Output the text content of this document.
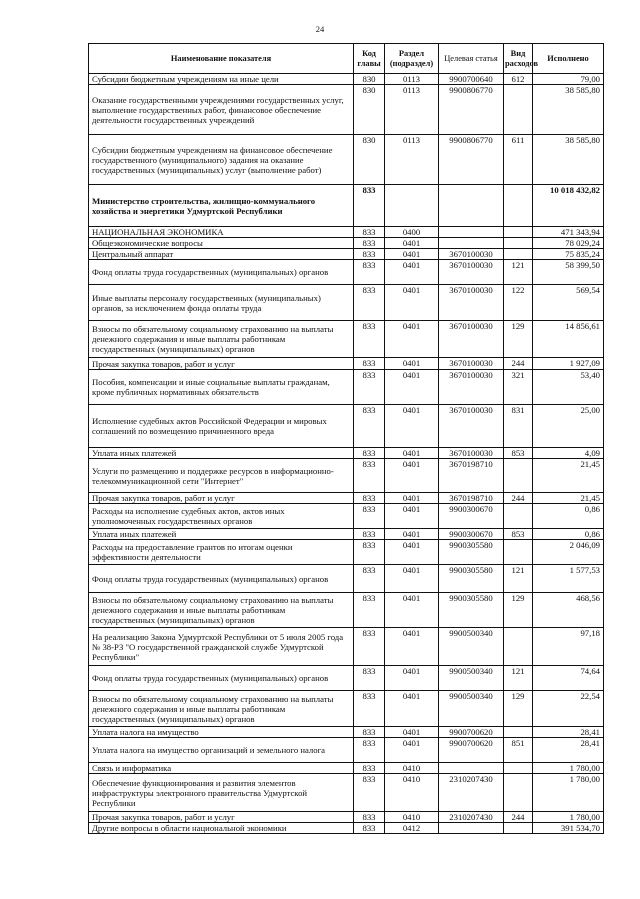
24
Наименование показателя	Код главы	Раздел (подраздел)	Целевая статья	Вид расходов	Исполнено
Субсидии бюджетным учреждениям на иные цели	830	0113	9900700640	612	79,00
Оказание государственными учреждениями государственных услуг, выполнение государственных работ, финансовое обеспечение деятельности государственных учреждений	830	0113	9900806770		38 585,80
Субсидии бюджетным учреждениям на финансовое обеспечение государственного (муниципального) задания на оказание государственных (муниципальных) услуг (выполнение работ)	830	0113	9900806770	611	38 585,80
Министерство строительства, жилищно-коммунального хозяйства и энергетики Удмуртской Республики	833				10 018 432,82
НАЦИОНАЛЬНАЯ ЭКОНОМИКА	833	0400			471 343,94
Общеэкономические вопросы	833	0401			78 029,24
Центральный аппарат	833	0401	3670100030		75 835,24
Фонд оплаты труда государственных (муниципальных) органов	833	0401	3670100030	121	58 399,50
Иные выплаты персоналу государственных (муниципальных) органов, за исключением фонда оплаты труда	833	0401	3670100030	122	569,54
Взносы по обязательному социальному страхованию на выплаты денежного содержания и иные выплаты работникам государственных (муниципальных) органов	833	0401	3670100030	129	14 856,61
Прочая закупка товаров, работ и услуг	833	0401	3670100030	244	1 927,09
Пособия, компенсации и иные социальные выплаты гражданам, кроме публичных нормативных обязательств	833	0401	3670100030	321	53,40
Исполнение судебных актов Российской Федерации и мировых соглашений по возмещению причиненного вреда	833	0401	3670100030	831	25,00
Уплата иных платежей	833	0401	3670100030	853	4,09
Услуги по размещению и поддержке ресурсов в информационно-телекоммуникационной сети "Интернет"	833	0401	3670198710		21,45
Прочая закупка товаров, работ и услуг	833	0401	3670198710	244	21,45
Расходы на исполнение судебных актов, актов иных уполномоченных государственных органов	833	0401	9900300670		0,86
Уплата иных платежей	833	0401	9900300670	853	0,86
Расходы на предоставление грантов по итогам оценки эффективности деятельности	833	0401	9900305580		2 046,09
Фонд оплаты труда государственных (муниципальных) органов	833	0401	9900305580	121	1 577,53
Взносы по обязательному социальному страхованию на выплаты денежного содержания и иные выплаты работникам государственных (муниципальных) органов	833	0401	9900305580	129	468,56
На реализацию Закона Удмуртской Республики от 5 июля 2005 года № 38-РЗ "О государственной гражданской службе Удмуртской Республики"	833	0401	9900500340		97,18
Фонд оплаты труда государственных (муниципальных) органов	833	0401	9900500340	121	74,64
Взносы по обязательному социальному страхованию на выплаты денежного содержания и иные выплаты работникам государственных (муниципальных) органов	833	0401	9900500340	129	22,54
Уплата налога на имущество	833	0401	9900700620		28,41
Уплата налога на имущество организаций и земельного налога	833	0401	9900700620	851	28,41
Связь и информатика	833	0410			1 780,00
Обеспечение функционирования и развития элементов инфраструктуры электронного правительства Удмуртской Республики	833	0410	2310207430		1 780,00
Прочая закупка товаров, работ и услуг	833	0410	2310207430	244	1 780,00
Другие вопросы в области национальной экономики	833	0412			391 534,70
